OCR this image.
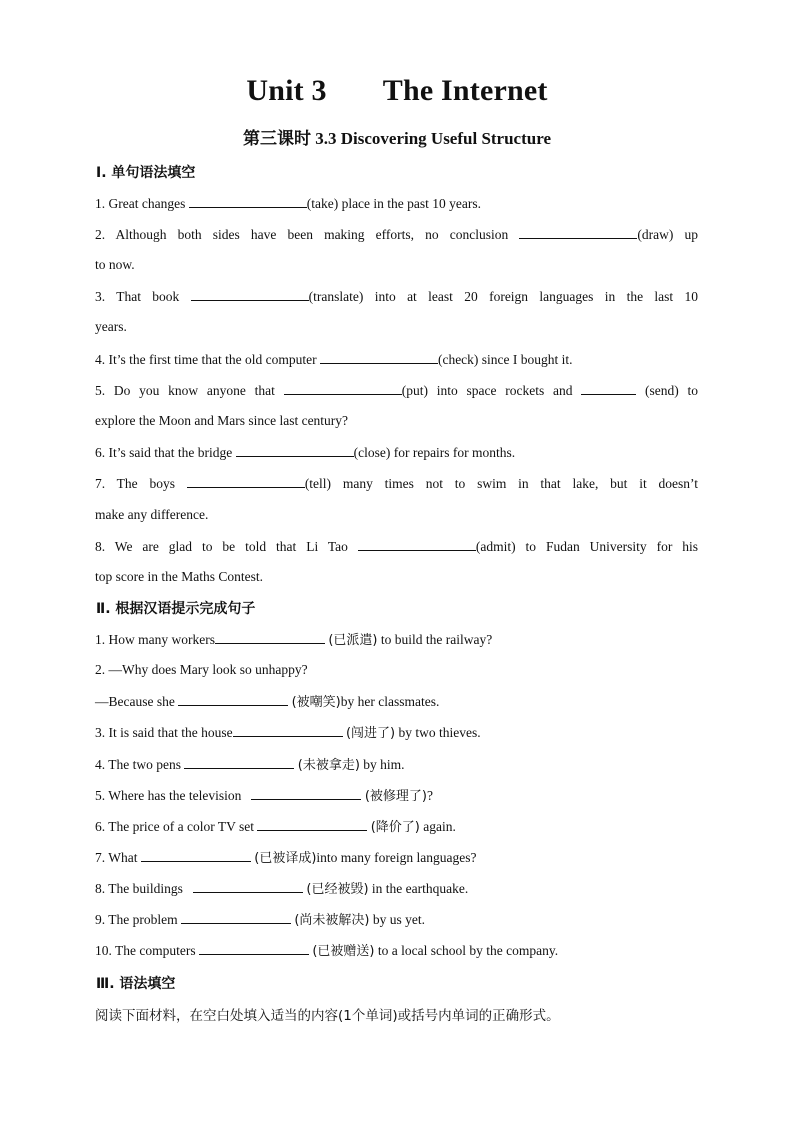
Unit 3 The Internet
第三课时 3.3 Discovering Useful Structure
Ⅰ. 单句语法填空
1. Great changes	(take) place in the past 10 years.
2. Although both sides have been making efforts, no conclusion	(draw) up
to now.
3. That book	(translate) into at least 20 foreign languages in the last 10
years.
4. It’s the first time that the old computer	(check) since I bought it.
5. Do you know anyone that	(put) into space rockets and	(send) to
explore the Moon and Mars since last century?
6. It’s said that the bridge	(close) for repairs for months.
7. The boys	(tell) many times not to swim in that lake, but it doesn’t
make any difference.
8. We are glad to be told that Li Tao	(admit) to Fudan University for his
top score in the Maths Contest.
Ⅱ. 根据汉语提示完成句子
1. How many workers	(已派遣) to build the railway?
2. —Why does Mary look so unhappy?
—Because she	(被嘲笑)by her classmates.
3. It is said that the house	(闯进了) by two thieves.
4. The two pens	(未被拿走) by him.
5. Where has the television	(被修理了)?
6. The price of a color TV set	(降价了) again.
7. What	(已被译成)into many foreign languages?
8. The buildings	(已经被毁) in the earthquake.
9. The problem	(尚未被解决) by us yet.
10. The computers	(已被赠送) to a local school by the company.
Ⅲ. 语法填空
阅读下面材料，在空白处填入适当的内容(1个单词)或括号内单词的正确形式。
